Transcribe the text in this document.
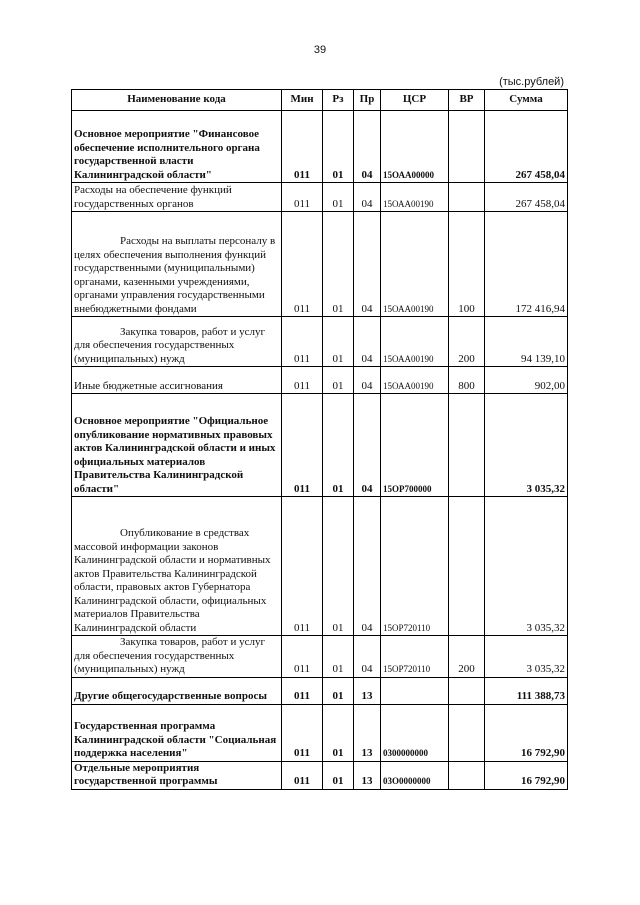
39
(тыс.рублей)
Наименование кода	Мин	Рз	Пр	ЦСР	ВР	Сумма
Основное мероприятие "Финансовое обеспечение исполнительного органа государственной власти Калининградской области"	011	01	04	15ОАА00000		267 458,04
Расходы на обеспечение функций государственных органов	011	01	04	15ОАА00190		267 458,04
Расходы на выплаты персоналу в целях обеспечения выполнения функций государственными (муниципальными) органами, казенными учреждениями, органами управления государственными внебюджетными фондами	011	01	04	15ОАА00190	100	172 416,94
Закупка товаров, работ и услуг для обеспечения государственных (муниципальных) нужд	011	01	04	15ОАА00190	200	94 139,10
Иные бюджетные ассигнования	011	01	04	15ОАА00190	800	902,00
Основное мероприятие "Официальное опубликование нормативных правовых актов Калининградской области и иных официальных материалов Правительства Калининградской области"	011	01	04	15ОР700000		3 035,32
Опубликование в средствах массовой информации законов Калининградской области и нормативных актов Правительства Калининградской области, правовых актов Губернатора Калининградской области, официальных материалов Правительства Калининградской области	011	01	04	15ОР720110		3 035,32
Закупка товаров, работ и услуг для обеспечения государственных (муниципальных) нужд	011	01	04	15ОР720110	200	3 035,32
Другие общегосударственные вопросы	011	01	13			111 388,73
Государственная программа Калининградской области "Социальная поддержка населения"	011	01	13	0300000000		16 792,90
Отдельные мероприятия государственной программы	011	01	13	03О0000000		16 792,90
